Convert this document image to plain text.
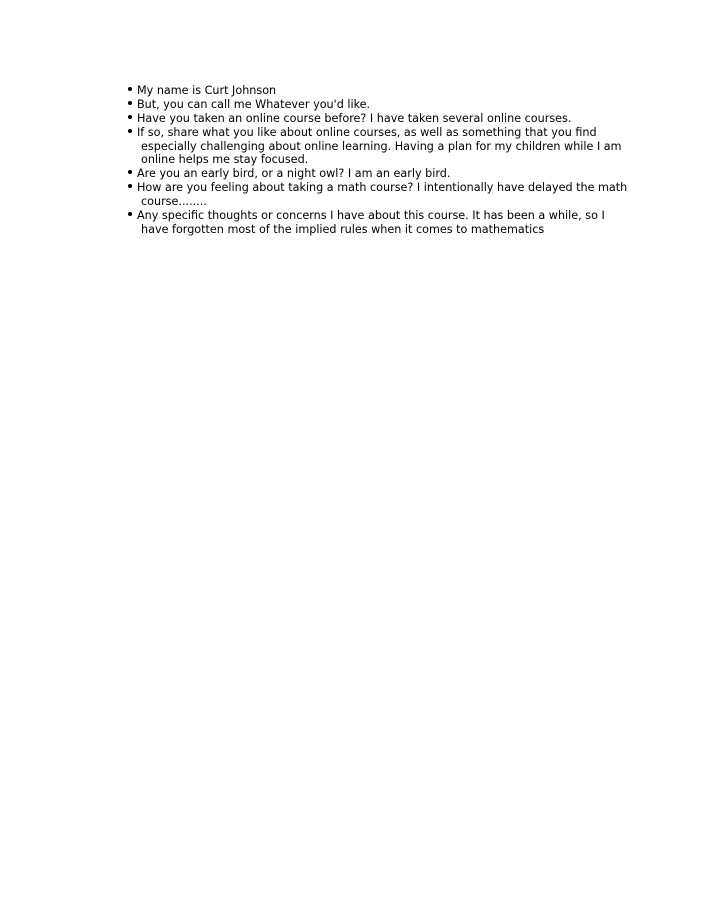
My name is Curt Johnson
But, you can call me Whatever you'd like.
Have you taken an online course before? I have taken several online courses.
If so, share what you like about online courses, as well as something that you find especially challenging about online learning. Having a plan for my children while I am online helps me stay focused.
Are you an early bird, or a night owl? I am an early bird.
How are you feeling about taking a math course? I intentionally have delayed the math course........
Any specific thoughts or concerns I have about this course. It has been a while, so I have forgotten most of the implied rules when it comes to mathematics
